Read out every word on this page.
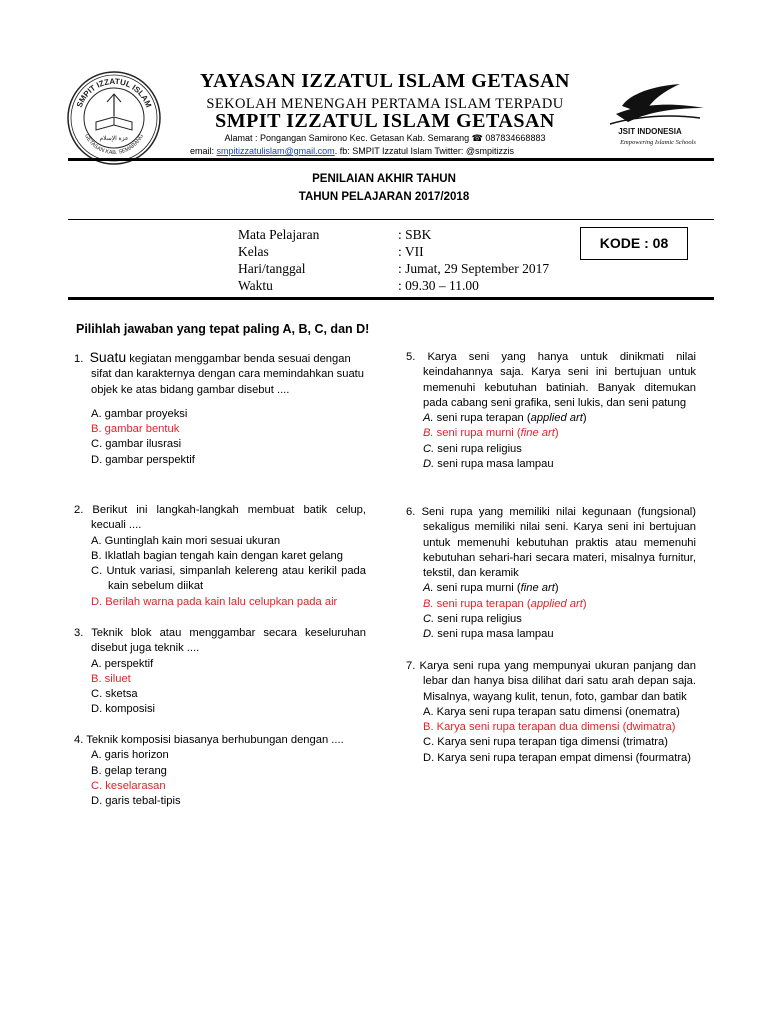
SMPIT IZZATUL ISLAM
GETASAN KAB. SEMARANG
عزة الإسلام
JSIT INDONESIA
Empowering Islamic Schools
YAYASAN IZZATUL ISLAM GETASAN
SEKOLAH MENENGAH PERTAMA ISLAM TERPADU
SMPIT IZZATUL ISLAM GETASAN
Alamat : Pongangan Samirono Kec. Getasan Kab. Semarang ☎ 087834668883
email: smpitizzatulislam@gmail.com. fb: SMPIT Izzatul Islam Twitter: @smpitizzis
PENILAIAN AKHIR TAHUN
TAHUN PELAJARAN 2017/2018
Mata Pelajaran	: SBK
Kelas	: VII
Hari/tanggal	: Jumat, 29 September 2017
Waktu	: 09.30 – 11.00
KODE : 08
Pilihlah jawaban yang tepat paling A, B, C, dan D!
1. Suatu kegiatan menggambar benda sesuai dengan sifat dan karakternya dengan cara memindahkan suatu objek ke atas bidang gambar disebut ....
A. gambar proyeksi
B. gambar bentuk
C. gambar ilusrasi
D. gambar perspektif
2. Berikut ini langkah-langkah membuat batik celup, kecuali ....
A. Guntinglah kain mori sesuai ukuran
B. Iklatlah bagian tengah kain dengan karet gelang
C. Untuk variasi, simpanlah kelereng atau kerikil pada kain sebelum diikat
D. Berilah warna pada kain lalu celupkan pada air
3. Teknik blok atau menggambar secara keseluruhan disebut juga teknik ....
A. perspektif
B. siluet
C. sketsa
D. komposisi
4. Teknik komposisi biasanya berhubungan dengan ....
A. garis horizon
B. gelap terang
C. keselarasan
D. garis tebal-tipis
5. Karya seni yang hanya untuk dinikmati nilai keindahannya saja. Karya seni ini bertujuan untuk memenuhi kebutuhan batiniah. Banyak ditemukan pada cabang seni grafika, seni lukis, dan seni patung
A. seni rupa terapan (applied art)
B. seni rupa murni (fine art)
C. seni rupa religius
D. seni rupa masa lampau
6. Seni rupa yang memiliki nilai kegunaan (fungsional) sekaligus memiliki nilai seni. Karya seni ini bertujuan untuk memenuhi kebutuhan praktis atau memenuhi kebutuhan sehari-hari secara materi, misalnya furnitur, tekstil, dan keramik
A. seni rupa murni (fine art)
B. seni rupa terapan (applied art)
C. seni rupa religius
D. seni rupa masa lampau
7. Karya seni rupa yang mempunyai ukuran panjang dan lebar dan hanya bisa dilihat dari satu arah depan saja. Misalnya, wayang kulit, tenun, foto, gambar dan batik
A. Karya seni rupa terapan satu dimensi (onematra)
B. Karya seni rupa terapan dua dimensi (dwimatra)
C. Karya seni rupa terapan tiga dimensi (trimatra)
D. Karya seni rupa terapan empat dimensi (fourmatra)
